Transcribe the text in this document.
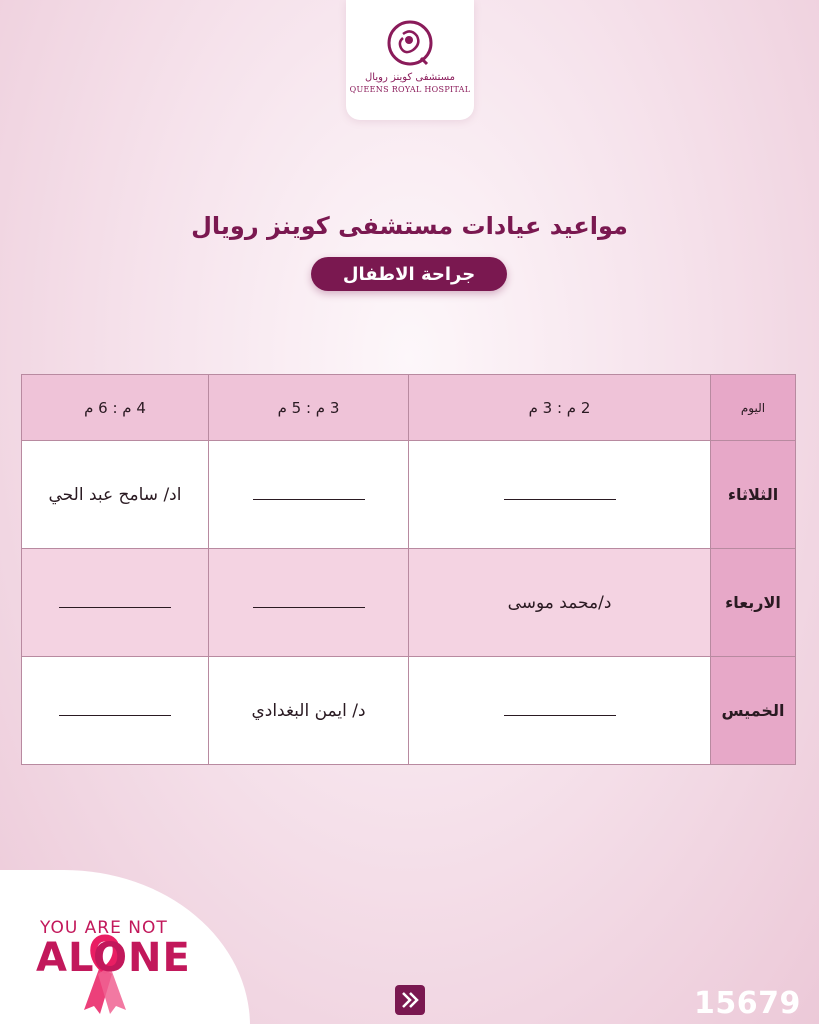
مستشفى كوينز رويال
QUEENS ROYAL HOSPITAL
مواعيد عيادات مستشفى كوينز رويال
جراحة الاطفال
اليوم	2 م : 3 م	3 م : 5 م	4 م : 6 م
الثلاثاء			اد/ سامح عبد الحي
الاربعاء	د/محمد موسى		
الخميس		د/ ايمن البغدادي	
YOU ARE NOT
ALONE
15679
